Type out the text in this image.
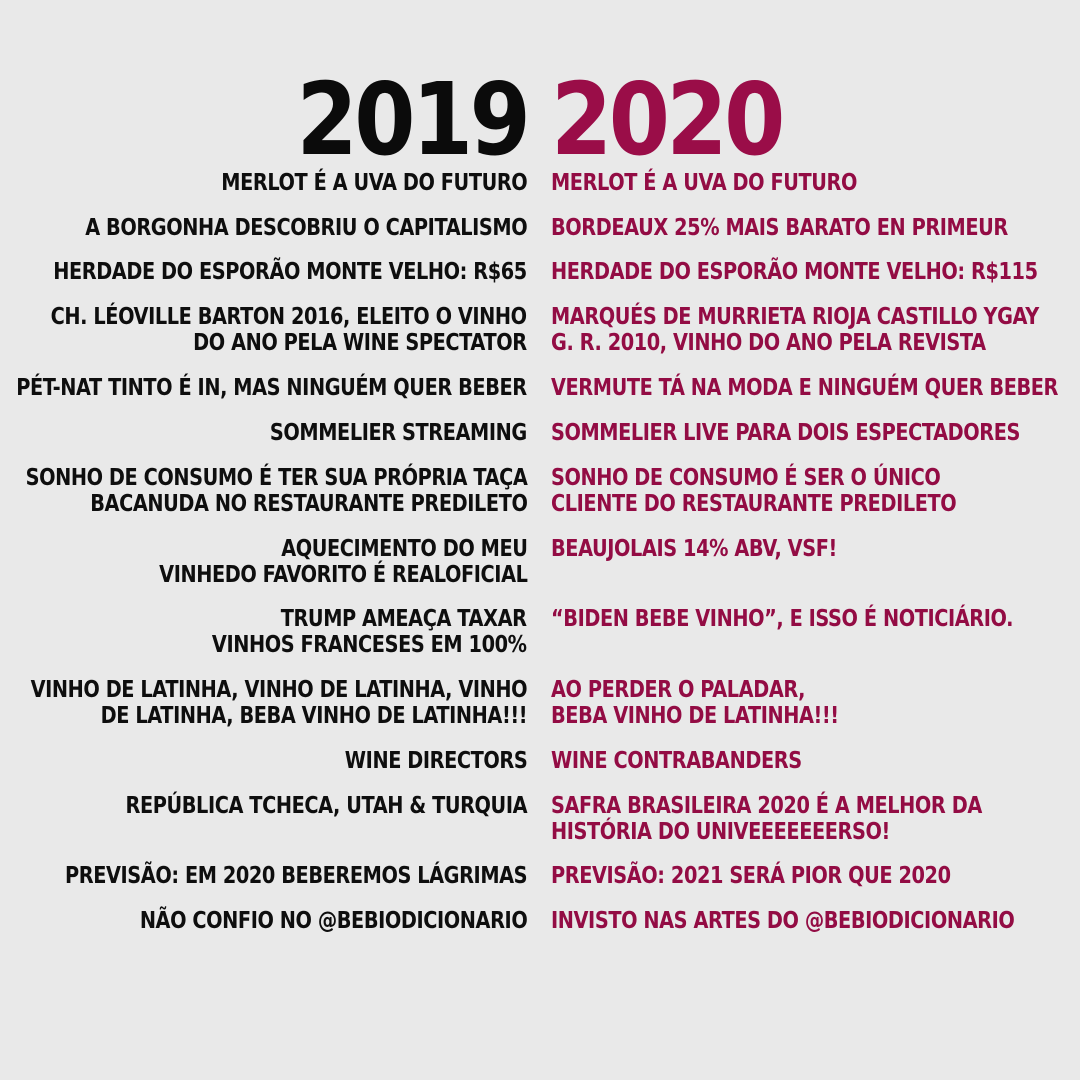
2019 2020
MERLOT É A UVA DO FUTURO MERLOT É A UVA DO FUTURO
A BORGONHA DESCOBRIU O CAPITALISMO BORDEAUX 25% MAIS BARATO EN PRIMEUR
HERDADE DO ESPORÃO MONTE VELHO: R$65 HERDADE DO ESPORÃO MONTE VELHO: R$115
CH. LÉOVILLE BARTON 2016, ELEITO O VINHO
DO ANO PELA WINE SPECTATOR
MARQUÉS DE MURRIETA RIOJA CASTILLO YGAY
G. R. 2010, VINHO DO ANO PELA REVISTA
PÉT-NAT TINTO É IN, MAS NINGUÉM QUER BEBER VERMUTE TÁ NA MODA E NINGUÉM QUER BEBER
SOMMELIER STREAMING SOMMELIER LIVE PARA DOIS ESPECTADORES
SONHO DE CONSUMO É TER SUA PRÓPRIA TAÇA
BACANUDA NO RESTAURANTE PREDILETO
SONHO DE CONSUMO É SER O ÚNICO
CLIENTE DO RESTAURANTE PREDILETO
AQUECIMENTO DO MEU
VINHEDO FAVORITO É REALOFICIAL
BEAUJOLAIS 14% ABV, VSF!
TRUMP AMEAÇA TAXAR
VINHOS FRANCESES EM 100%
“BIDEN BEBE VINHO”, E ISSO É NOTICIÁRIO.
VINHO DE LATINHA, VINHO DE LATINHA, VINHO
DE LATINHA, BEBA VINHO DE LATINHA!!!
AO PERDER O PALADAR,
BEBA VINHO DE LATINHA!!!
WINE DIRECTORS WINE CONTRABANDERS
REPÚBLICA TCHECA, UTAH & TURQUIA SAFRA BRASILEIRA 2020 É A MELHOR DA
HISTÓRIA DO UNIVEEEEEEERSO!
PREVISÃO: EM 2020 BEBEREMOS LÁGRIMAS PREVISÃO: 2021 SERÁ PIOR QUE 2020
NÃO CONFIO NO @BEBIODICIONARIO INVISTO NAS ARTES DO @BEBIODICIONARIO
